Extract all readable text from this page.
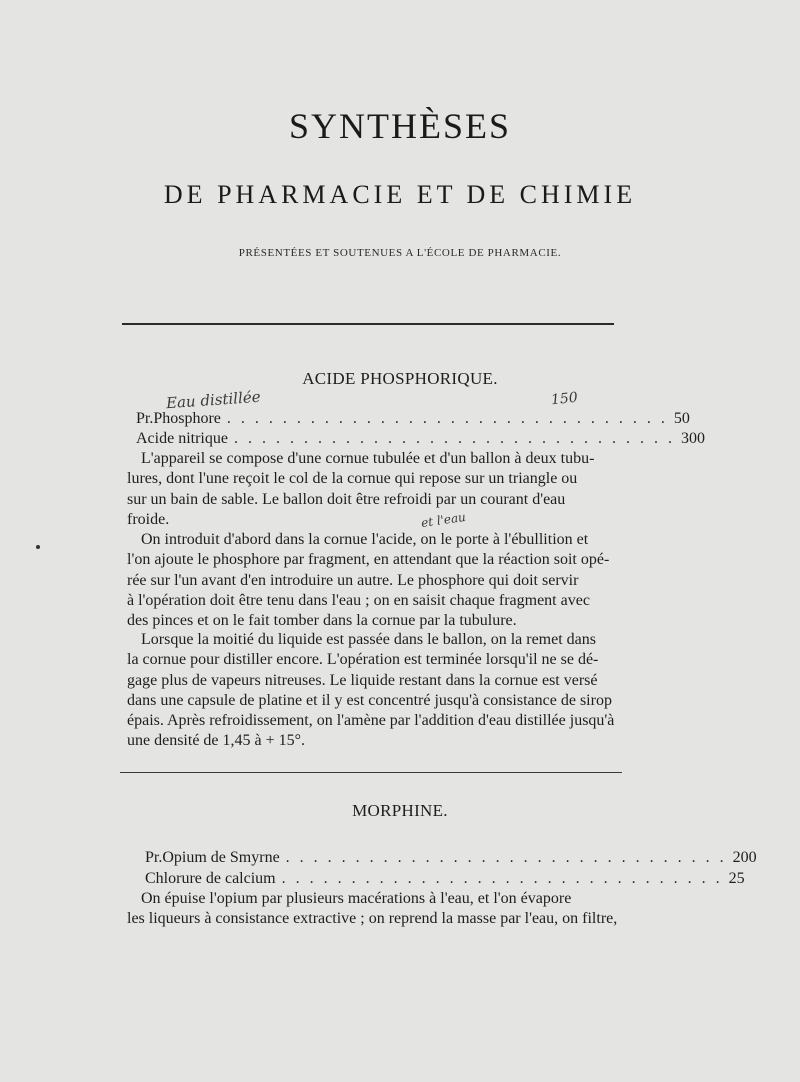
SYNTHÈSES
DE PHARMACIE ET DE CHIMIE
PRÉSENTÉES ET SOUTENUES A L'ÉCOLE DE PHARMACIE.
ACIDE PHOSPHORIQUE.
Eau distillée	150
Pr. Phosphore . . . . . . . . . . . . . . . . . . . . . . . . . . . . . . . . 50
Acide nitrique . . . . . . . . . . . . . . . . . . . . . . . . . . . . . . . . 300

L'appareil se compose d'une cornue tubulée et d'un ballon à deux tubu-

lures, dont l'une reçoit le col de la cornue qui repose sur un triangle ou

sur un bain de sable. Le ballon doit être refroidi par un courant d'eau

froide.	et l'eau

On introduit d'abord dans la cornue l'acide, on le porte à l'ébullition et

l'on ajoute le phosphore par fragment, en attendant que la réaction soit opé-

rée sur l'un avant d'en introduire un autre. Le phosphore qui doit servir

à l'opération doit être tenu dans l'eau ; on en saisit chaque fragment avec

des pinces et on le fait tomber dans la cornue par la tubulure.

Lorsque la moitié du liquide est passée dans le ballon, on la remet dans

la cornue pour distiller encore. L'opération est terminée lorsqu'il ne se dé-

gage plus de vapeurs nitreuses. Le liquide restant dans la cornue est versé

dans une capsule de platine et il y est concentré jusqu'à consistance de sirop

épais. Après refroidissement, on l'amène par l'addition d'eau distillée jusqu'à

une densité de 1,45 à + 15°.

MORPHINE.
Pr. Opium de Smyrne . . . . . . . . . . . . . . . . . . . . . . . . . . . . . . . . 200
Chlorure de calcium . . . . . . . . . . . . . . . . . . . . . . . . . . . . . . . . 25

On épuise l'opium par plusieurs macérations à l'eau, et l'on évapore

les liqueurs à consistance extractive ; on reprend la masse par l'eau, on filtre,
